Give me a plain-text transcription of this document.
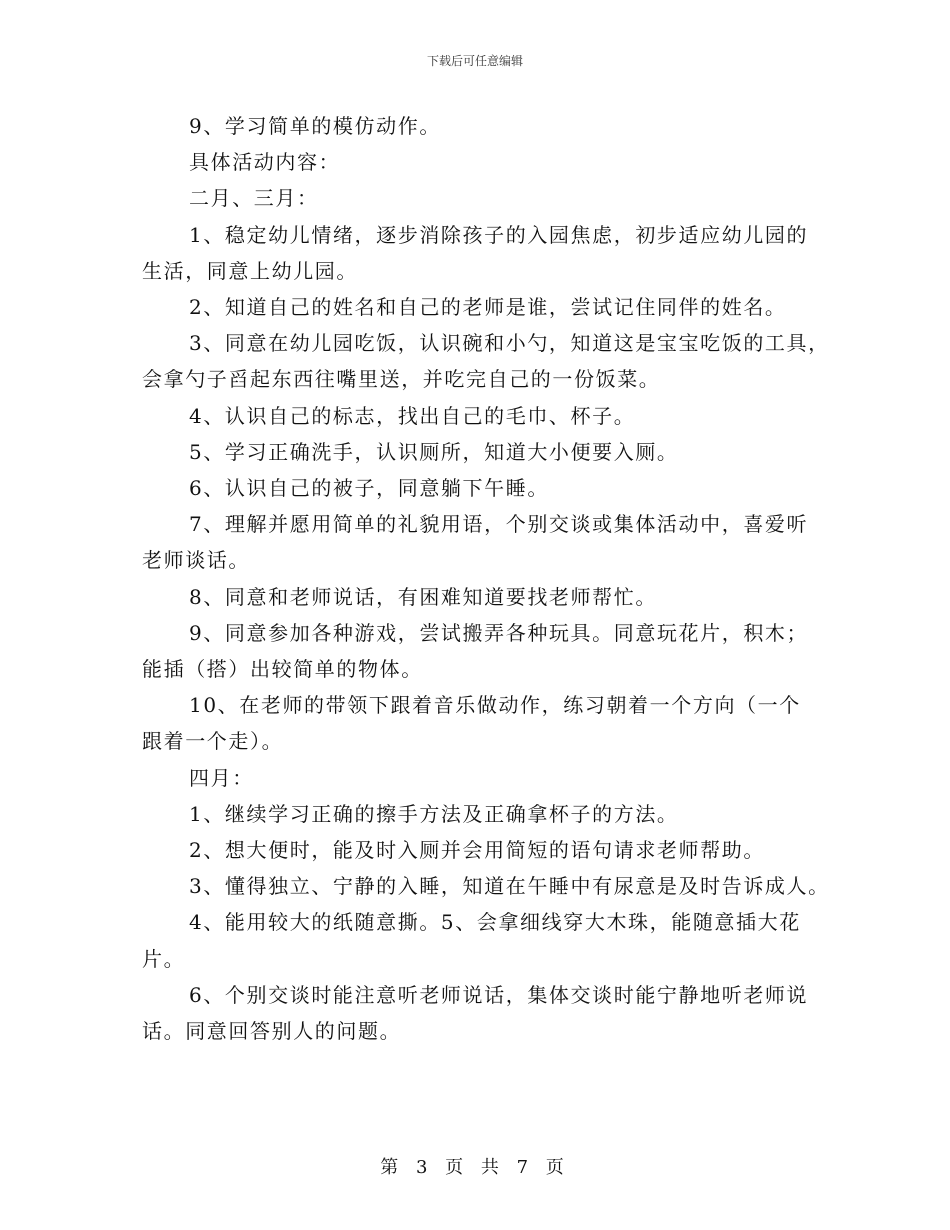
下载后可任意编辑
9、学习简单的模仿动作。
具体活动内容：
二月、三月：
1、稳定幼儿情绪，逐步消除孩子的入园焦虑，初步适应幼儿园的
生活，同意上幼儿园。
2、知道自己的姓名和自己的老师是谁，尝试记住同伴的姓名。
3、同意在幼儿园吃饭，认识碗和小勺，知道这是宝宝吃饭的工具，
会拿勺子舀起东西往嘴里送，并吃完自己的一份饭菜。
4、认识自己的标志，找出自己的毛巾、杯子。
5、学习正确洗手，认识厕所，知道大小便要入厕。
6、认识自己的被子，同意躺下午睡。
7、理解并愿用简单的礼貌用语，个别交谈或集体活动中，喜爱听
老师谈话。
8、同意和老师说话，有困难知道要找老师帮忙。
9、同意参加各种游戏，尝试搬弄各种玩具。同意玩花片，积木；
能插（搭）出较简单的物体。
10、在老师的带领下跟着音乐做动作，练习朝着一个方向（一个
跟着一个走）。
四月：
1、继续学习正确的擦手方法及正确拿杯子的方法。
2、想大便时，能及时入厕并会用简短的语句请求老师帮助。
3、懂得独立、宁静的入睡，知道在午睡中有尿意是及时告诉成人。
4、能用较大的纸随意撕。5、会拿细线穿大木珠，能随意插大花
片。
6、个别交谈时能注意听老师说话，集体交谈时能宁静地听老师说
话。同意回答别人的问题。
第 3 页 共 7 页
